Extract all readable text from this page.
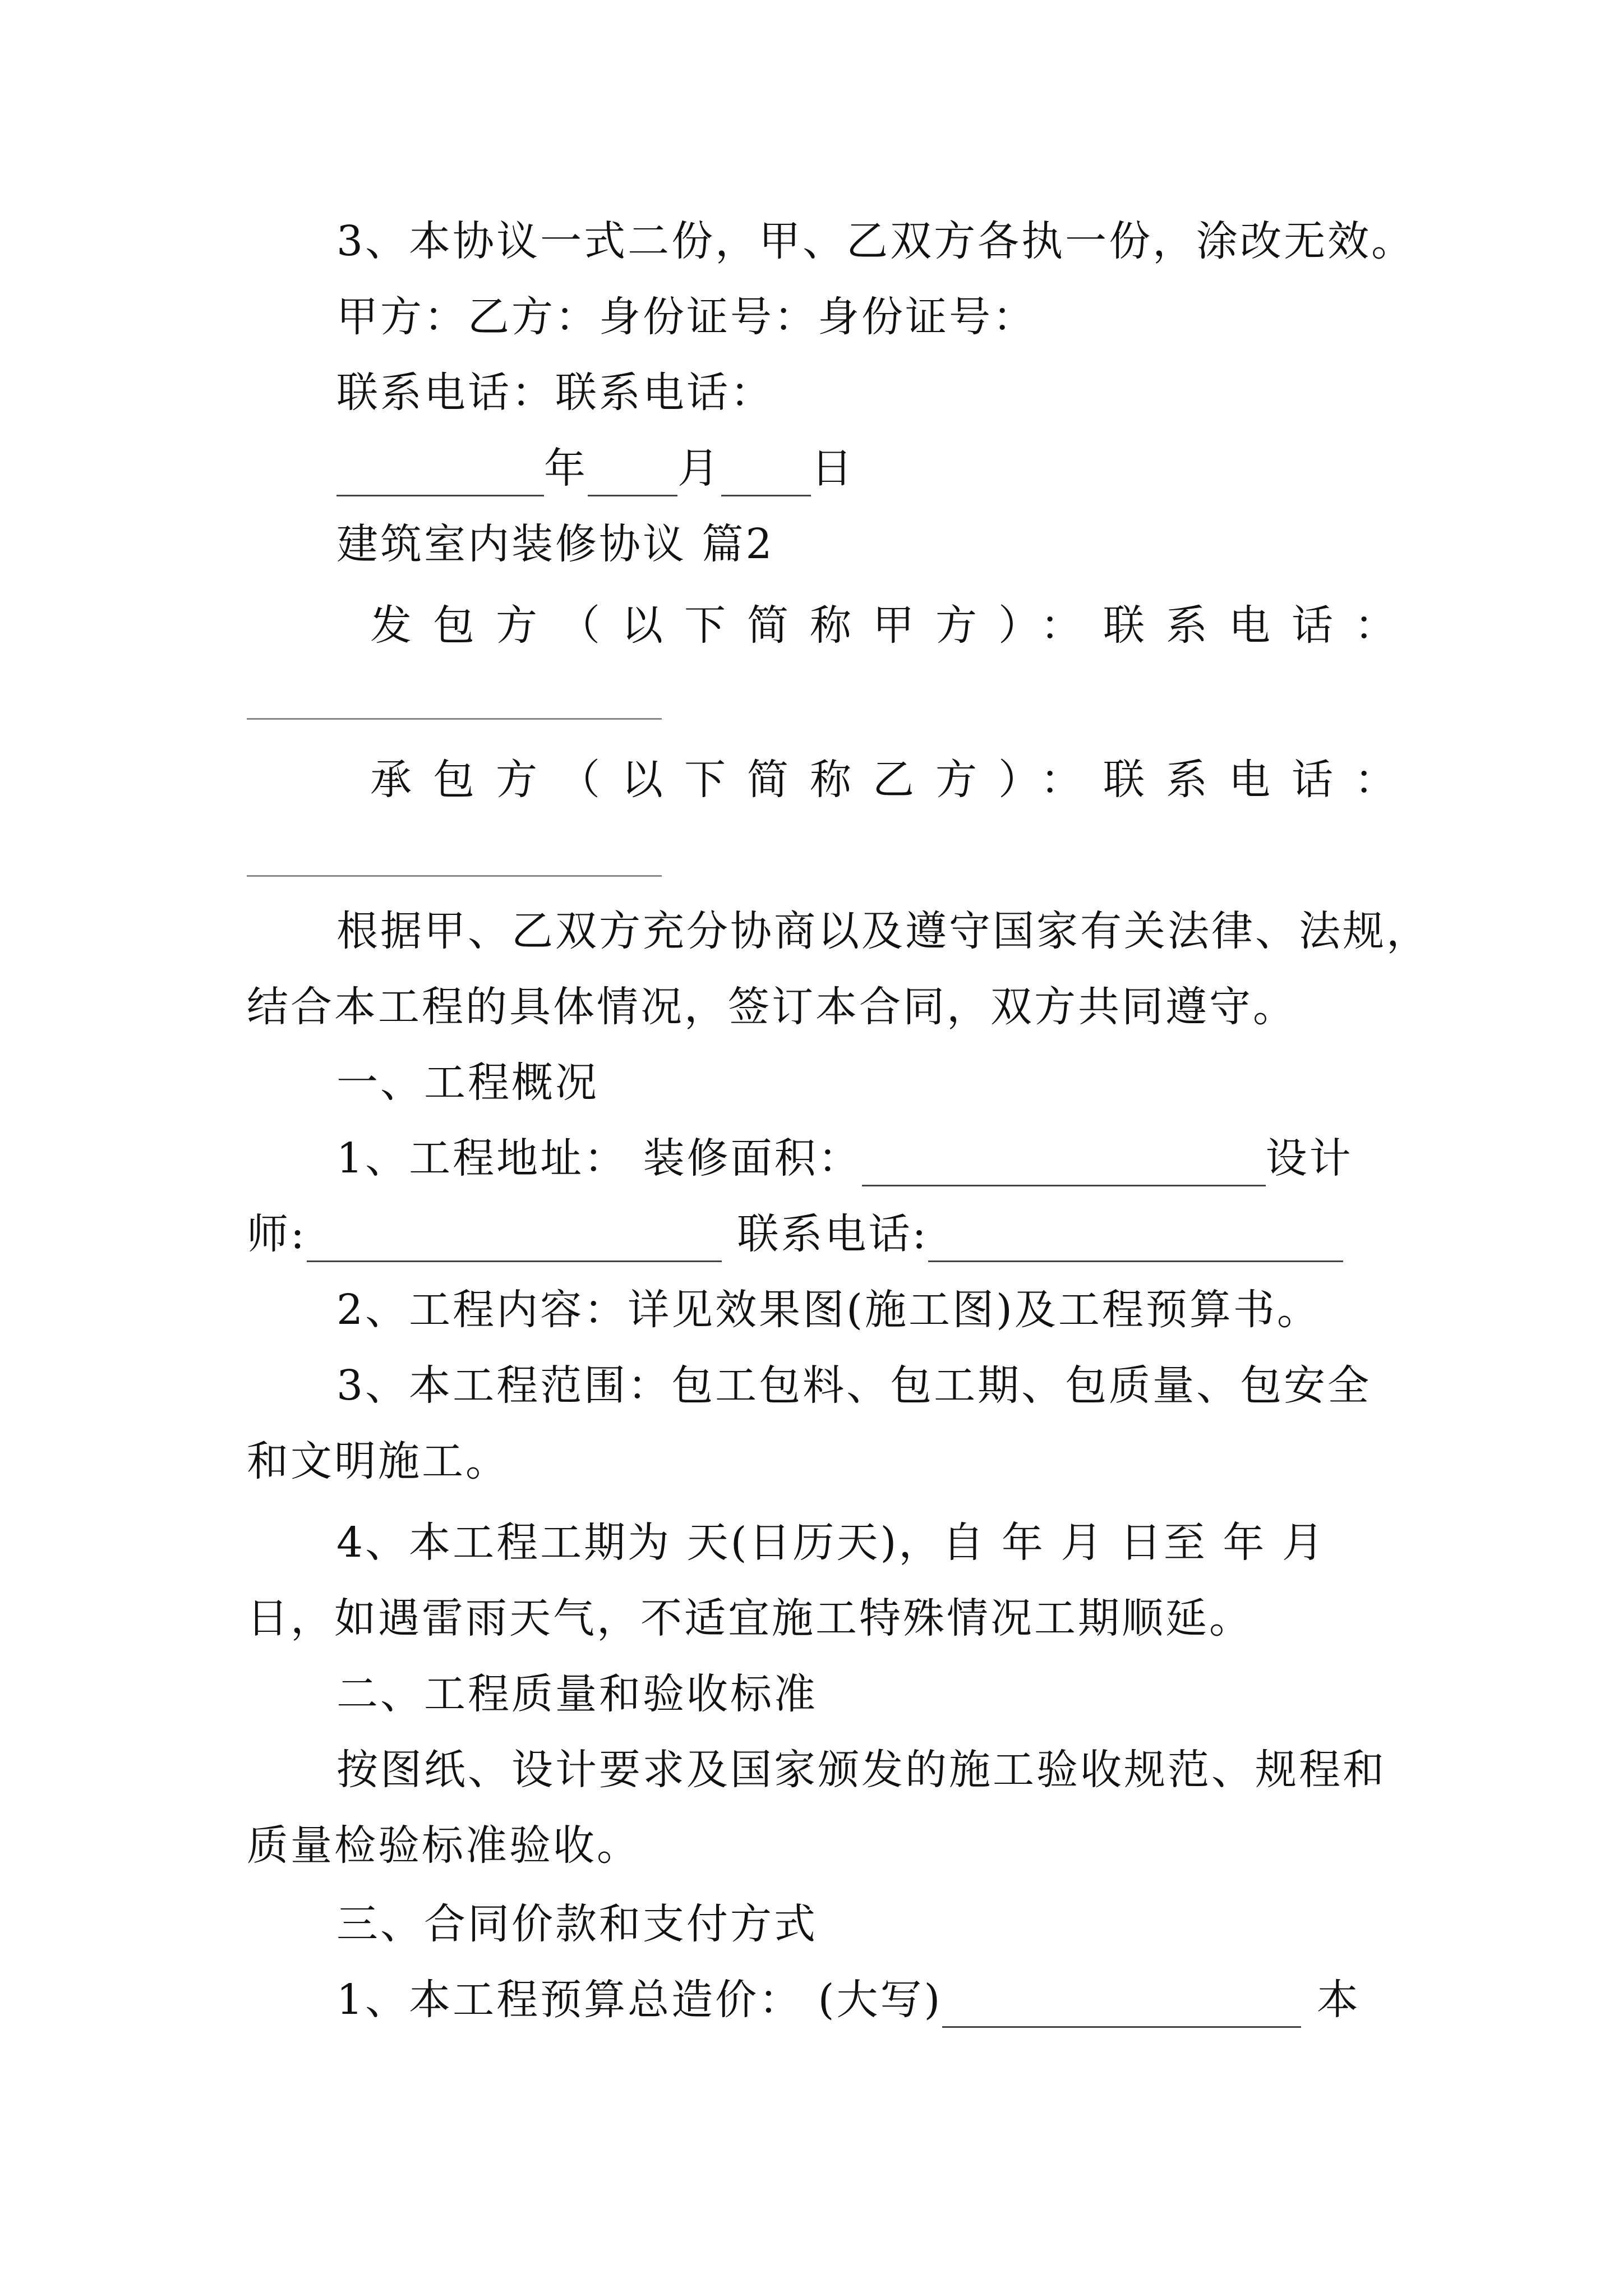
3、本协议一式二份，甲、乙双方各执一份，涂改无效。
甲方：乙方：身份证号：身份证号：
联系电话：联系电话：
年 月 日
建筑室内装修协议 篇2
发包方（以下简称甲方）： 联系电话：
承包方（以下简称乙方）： 联系电话：
根据甲、乙双方充分协商以及遵守国家有关法律、法规，
结合本工程的具体情况，签订本合同，双方共同遵守。
一、工程概况
1、工程地址： 装修面积：	设计
师:	联系电话:
2、工程内容：详见效果图(施工图)及工程预算书。
3、本工程范围：包工包料、包工期、包质量、包安全
和文明施工。
4、本工程工期为 天(日历天)，自 年 月 日至 年 月
日，如遇雷雨天气，不适宜施工特殊情况工期顺延。
二、工程质量和验收标准
按图纸、设计要求及国家颁发的施工验收规范、规程和
质量检验标准验收。
三、合同价款和支付方式
1、本工程预算总造价： (大写)	本
